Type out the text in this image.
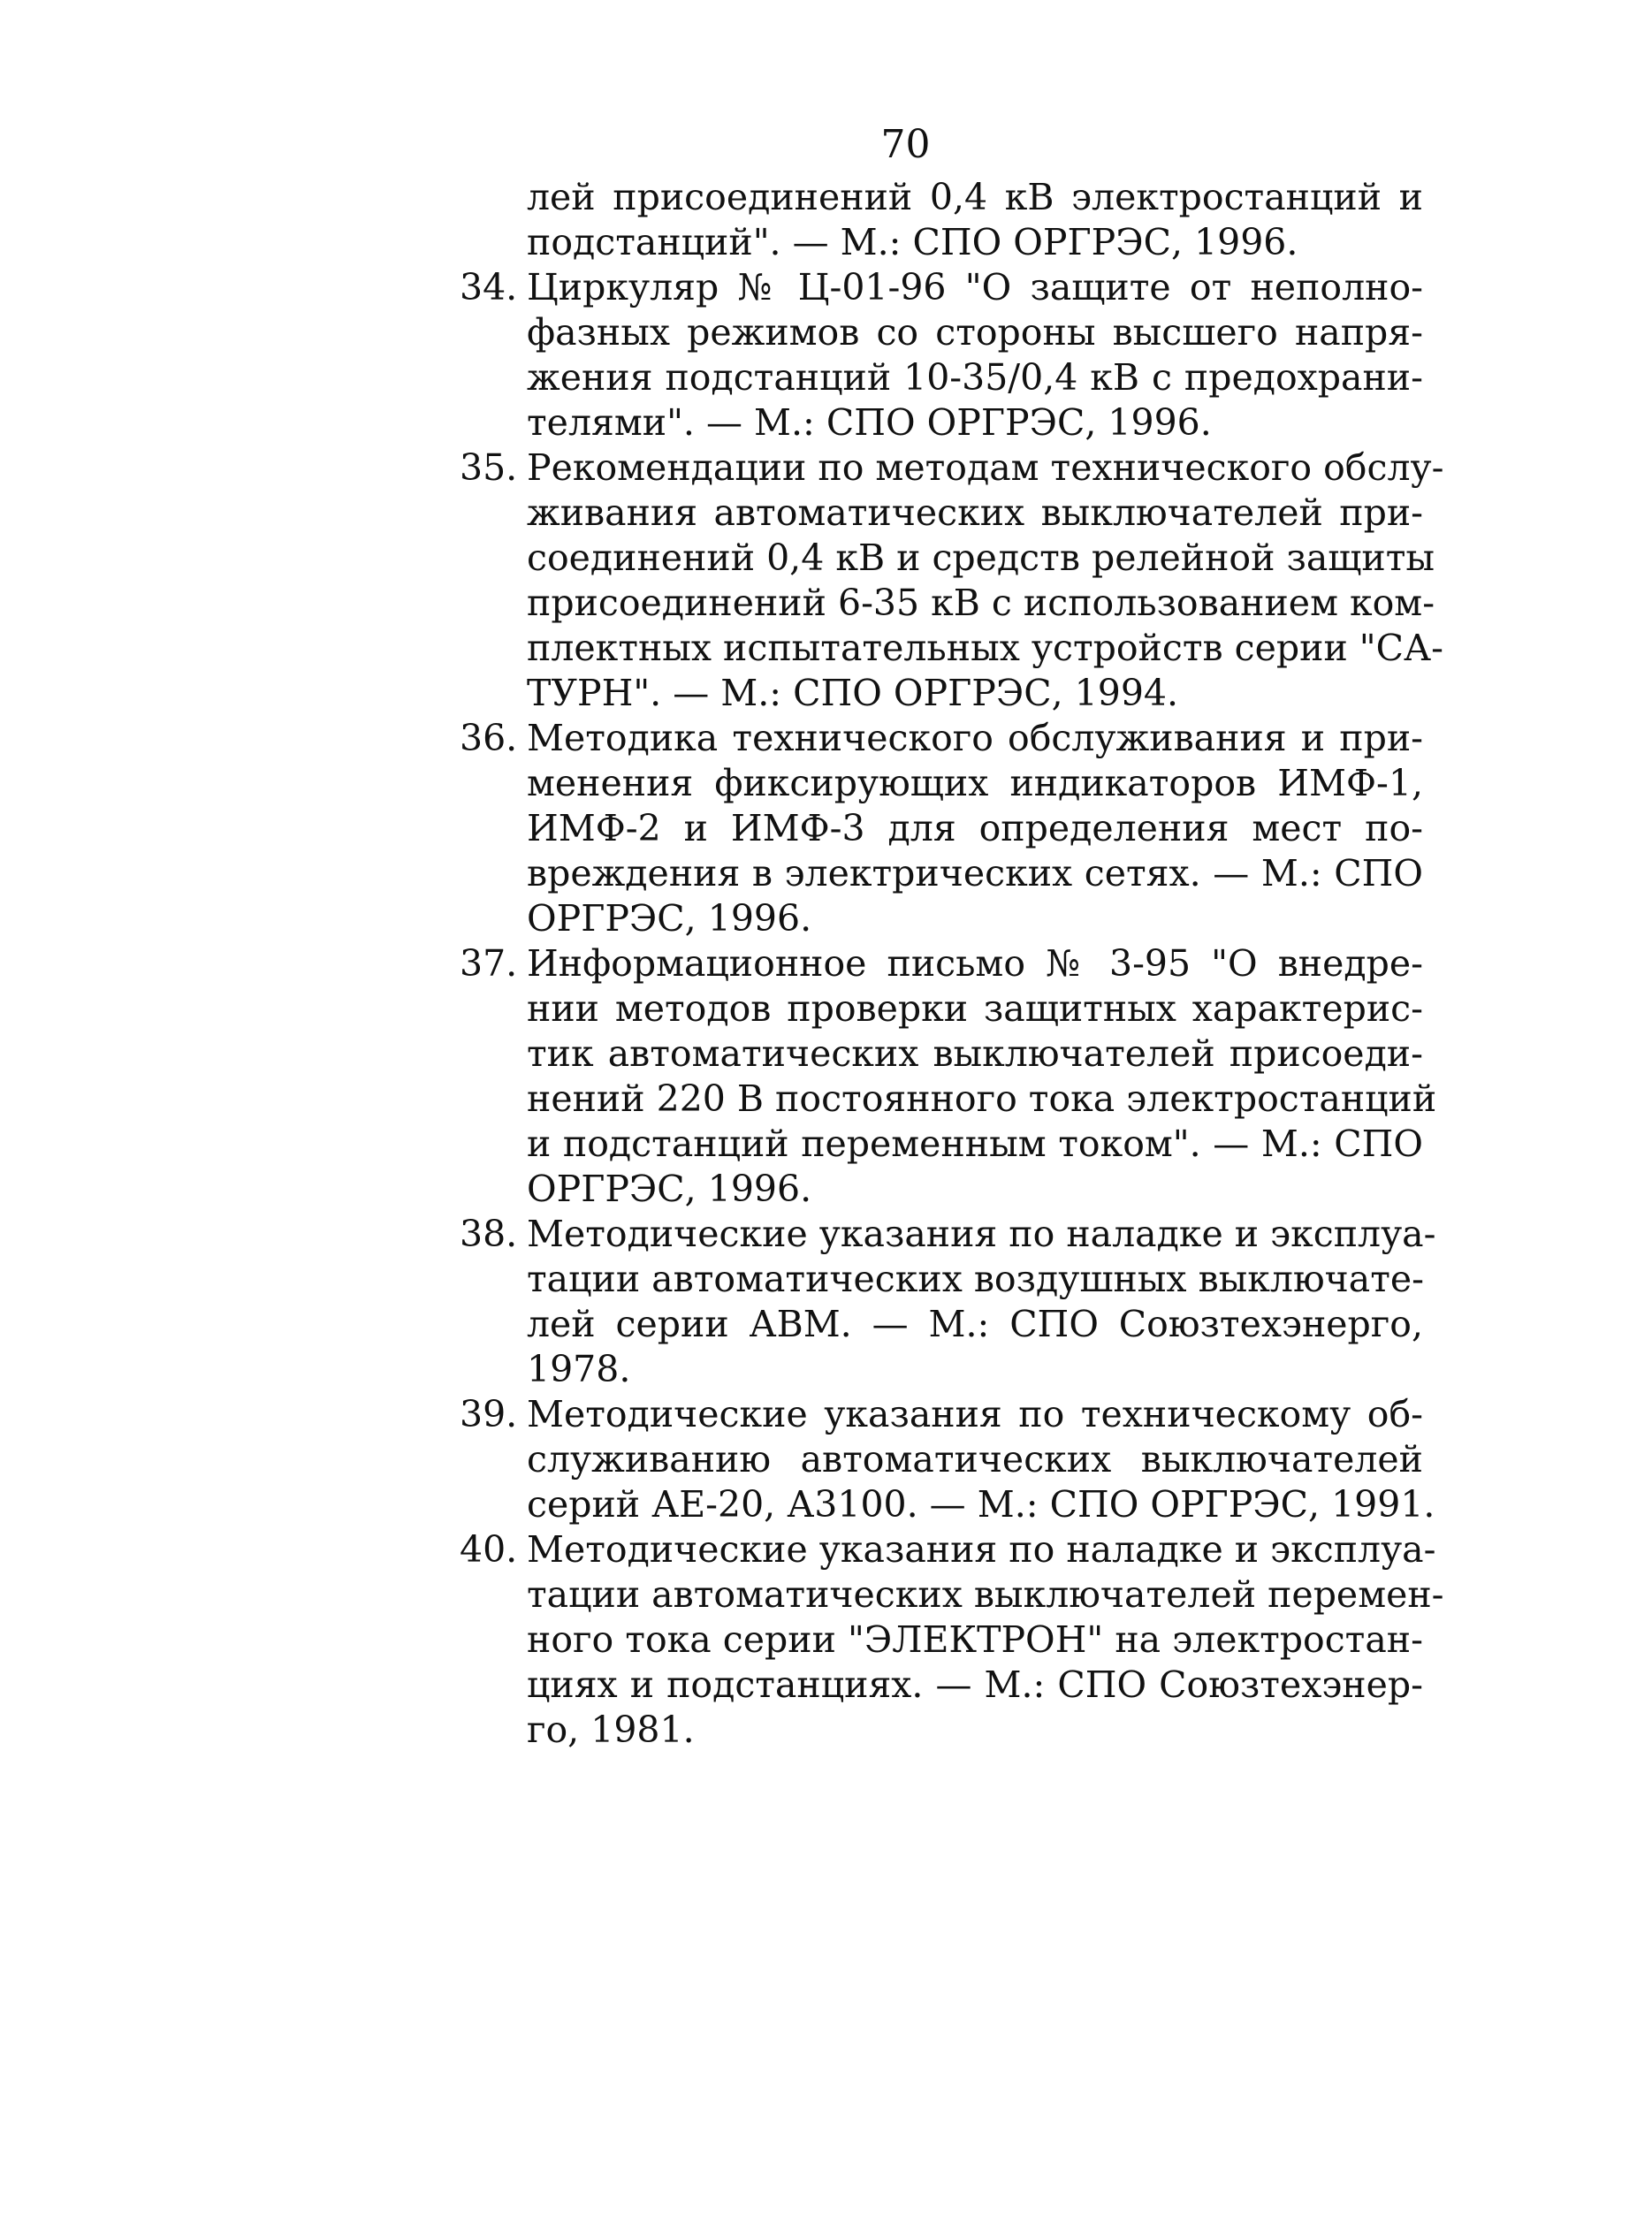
70
лей присоединений 0,4 кВ электростанций и
подстанций". — М.: СПО ОРГРЭС, 1996.
34. Циркуляр № Ц-01-96 "О защите от неполно-
фазных режимов со стороны высшего напря-
жения подстанций 10-35/0,4 кВ с предохрани-
телями". — М.: СПО ОРГРЭС, 1996.
35. Рекомендации по методам технического обслу-
живания автоматических выключателей при-
соединений 0,4 кВ и средств релейной защиты
присоединений 6-35 кВ с использованием ком-
плектных испытательных устройств серии "СА-
ТУРН". — М.: СПО ОРГРЭС, 1994.
36. Методика технического обслуживания и при-
менения фиксирующих индикаторов ИМФ-1,
ИМФ-2 и ИМФ-3 для определения мест по-
вреждения в электрических сетях. — М.: СПО
ОРГРЭС, 1996.
37. Информационное письмо № 3-95 "О внедре-
нии методов проверки защитных характерис-
тик автоматических выключателей присоеди-
нений 220 В постоянного тока электростанций
и подстанций переменным током". — М.: СПО
ОРГРЭС, 1996.
38. Методические указания по наладке и эксплуа-
тации автоматических воздушных выключате-
лей серии АВМ. — М.: СПО Союзтехэнерго,
1978.
39. Методические указания по техническому об-
служиванию автоматических выключателей
серий АЕ-20, А3100. — М.: СПО ОРГРЭС, 1991.
40. Методические указания по наладке и эксплуа-
тации автоматических выключателей перемен-
ного тока серии "ЭЛЕКТРОН" на электростан-
циях и подстанциях. — М.: СПО Союзтехэнер-
го, 1981.
